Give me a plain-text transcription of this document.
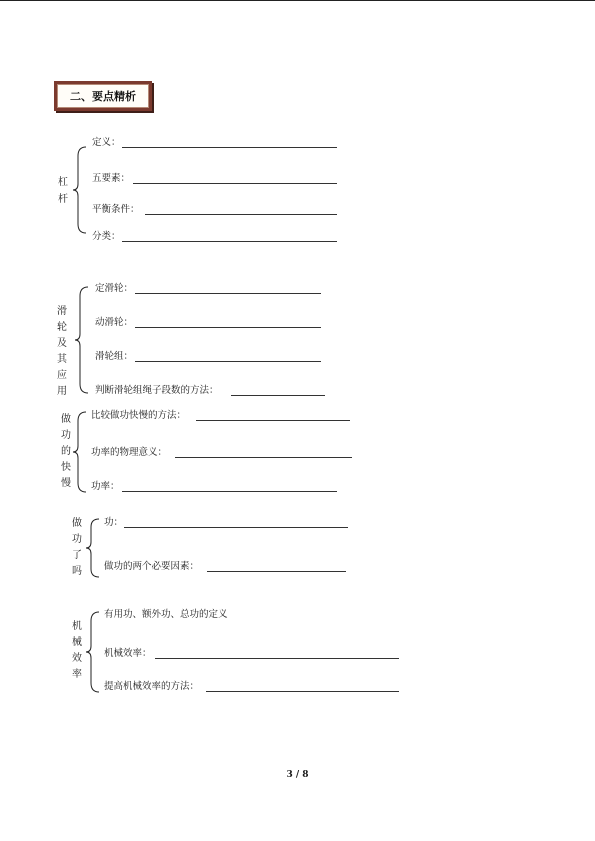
二、要点精析
杠
杆
定义：
五要素：
平衡条件：
分类：
滑
轮
及
其
应
用
定滑轮：
动滑轮：
滑轮组：
判断滑轮组绳子段数的方法：
做
功
的
快
慢
比较做功快慢的方法：
功率的物理意义：
功率：
做
功
了
吗
功：
做功的两个必要因素：
机
械
效
率
有用功、额外功、总功的定义
机械效率：
提高机械效率的方法：
3 / 8
